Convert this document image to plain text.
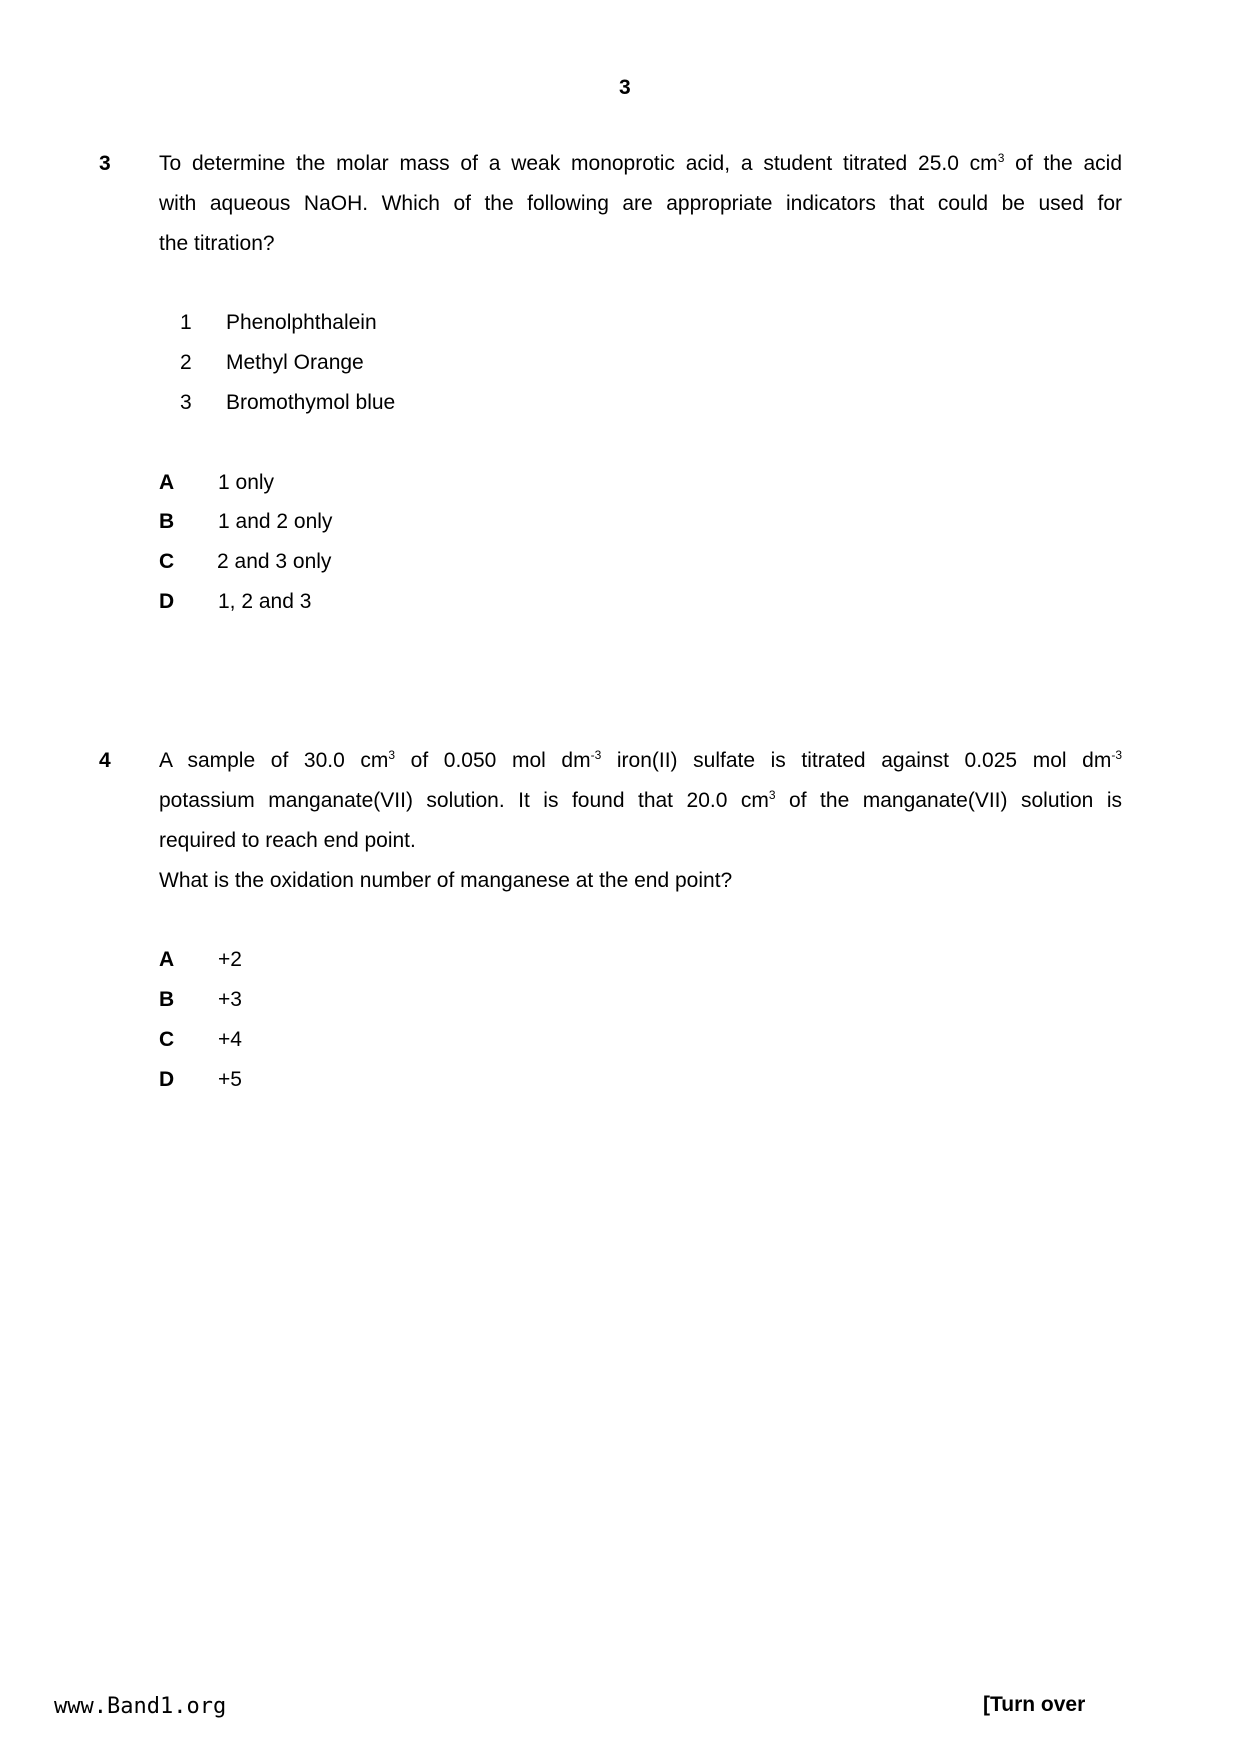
3
3 To determine the molar mass of a weak monoprotic acid, a student titrated 25.0 $cm^3$ of the acid
with aqueous NaOH. Which of the following are appropriate indicators that could be used for
the titration?
1 Phenolphthalein
2 Methyl Orange
3 Bromothymol blue
A 1 only
B 1 and 2 only
C 2 and 3 only
D 1, 2 and 3
4 A sample of 30.0 $cm^3$ of 0.050 mol $dm^{-3}$ iron(II) sulfate is titrated against 0.025 mol $dm^{-3}$
potassium manganate(VII) solution. It is found that 20.0 $cm^3$ of the manganate(VII) solution is
required to reach end point.
What is the oxidation number of manganese at the end point?
A +2
B +3
C +4
D +5
www.Band1.org	[Turn over
